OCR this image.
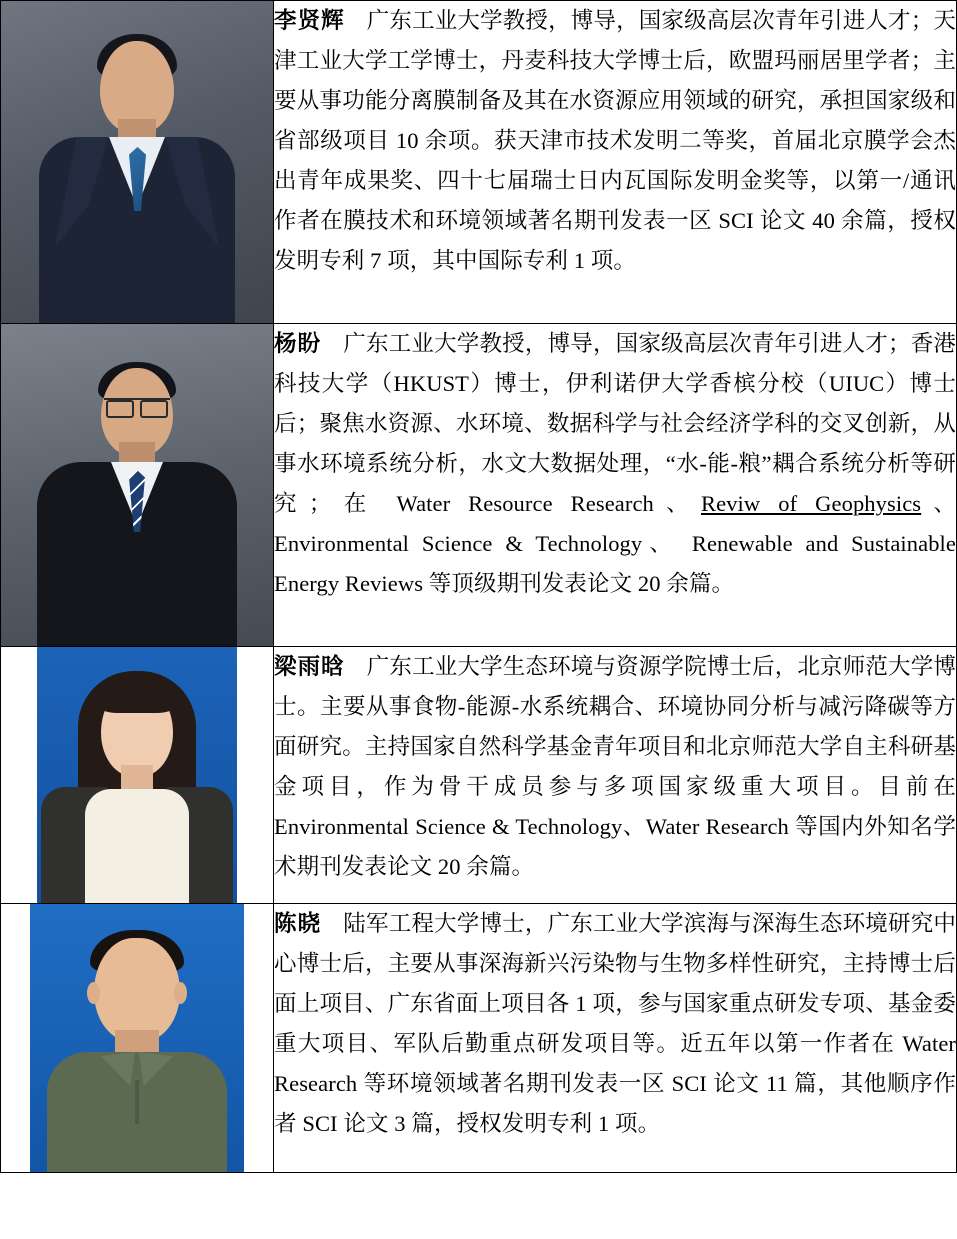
	李贤辉 广东工业大学教授，博导，国家级高层次青年引进人才；天津工业大学工学博士，丹麦科技大学博士后，欧盟玛丽居里学者；主要从事功能分离膜制备及其在水资源应用领域的研究，承担国家级和省部级项目 10 余项。获天津市技术发明二等奖，首届北京膜学会杰出青年成果奖、四十七届瑞士日内瓦国际发明金奖等，以第一/通讯作者在膜技术和环境领域著名期刊发表一区 SCI 论文 40 余篇，授权发明专利 7 项，其中国际专利 1 项。

	杨盼 广东工业大学教授，博导，国家级高层次青年引进人才；香港科技大学（HKUST）博士，伊利诺伊大学香槟分校（UIUC）博士后；聚焦水资源、水环境、数据科学与社会经济学科的交叉创新，从事水环境系统分析，水文大数据处理，“水-能-粮”耦合系统分析等研究；在 Water Resource Research、Reviw of Geophysics、Environmental Science & Technology、 Renewable and Sustainable Energy Reviews 等顶级期刊发表论文 20 余篇。

	梁雨晗 广东工业大学生态环境与资源学院博士后，北京师范大学博士。主要从事食物-能源-水系统耦合、环境协同分析与减污降碳等方面研究。主持国家自然科学基金青年项目和北京师范大学自主科研基金项目，作为骨干成员参与多项国家级重大项目。目前在 Environmental Science & Technology、Water Research 等国内外知名学术期刊发表论文 20 余篇。

	陈晓 陆军工程大学博士，广东工业大学滨海与深海生态环境研究中心博士后，主要从事深海新兴污染物与生物多样性研究，主持博士后面上项目、广东省面上项目各 1 项，参与国家重点研发专项、基金委重大项目、军队后勤重点研发项目等。近五年以第一作者在 Water Research 等环境领域著名期刊发表一区 SCI 论文 11 篇，其他顺序作者 SCI 论文 3 篇，授权发明专利 1 项。
